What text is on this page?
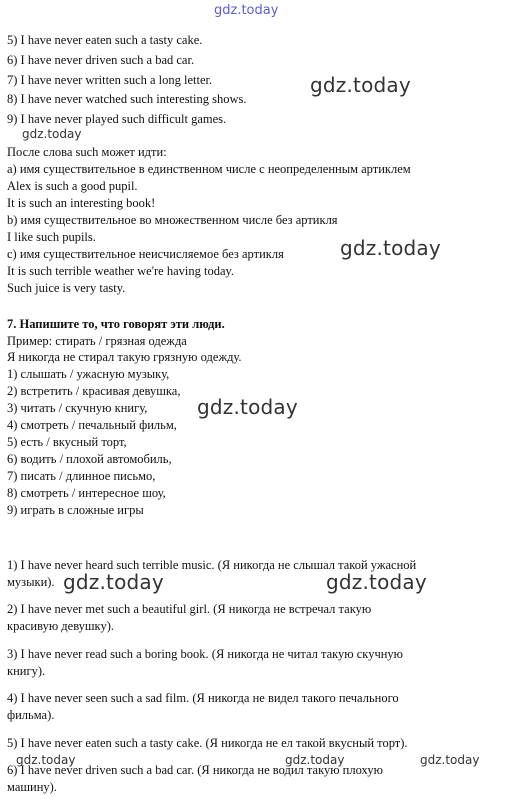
gdz.today
5) I have never eaten such a tasty cake.
6) I have never driven such a bad car.
7) I have never written such a long letter.
8) I have never watched such interesting shows.
9) I have never played such difficult games.
После слова such может идти:
a) имя существительное в единственном числе с неопределенным артиклем
Alex is such a good pupil.
It is such an interesting book!
b) имя существительное во множественном числе без артикля
I like such pupils.
c) имя существительное неисчисляемое без артикля
It is such terrible weather we're having today.
Such juice is very tasty.
7. Напишите то, что говорят эти люди.
Пример: стирать / грязная одежда
Я никогда не стирал такую грязную одежду.
1) слышать / ужасную музыку,
2) встретить / красивая девушка,
3) читать / скучную книгу,
4) смотреть / печальный фильм,
5) есть / вкусный торт,
6) водить / плохой автомобиль,
7) писать / длинное письмо,
8) смотреть / интересное шоу,
9) играть в сложные игры
1) I have never heard such terrible music. (Я никогда не слышал такой ужасной
музыки).
2) I have never met such a beautiful girl. (Я никогда не встречал такую
красивую девушку).
3) I have never read such a boring book. (Я никогда не читал такую скучную
книгу).
4) I have never seen such a sad film. (Я никогда не видел такого печального
фильма).
5) I have never eaten such a tasty cake. (Я никогда не ел такой вкусный торт).
6) I have never driven such a bad car. (Я никогда не водил такую плохую
машину).
gdz.today
gdz.today
gdz.today
gdz.today
gdz.today	gdz.today
gdz.today	gdz.today	gdz.today
